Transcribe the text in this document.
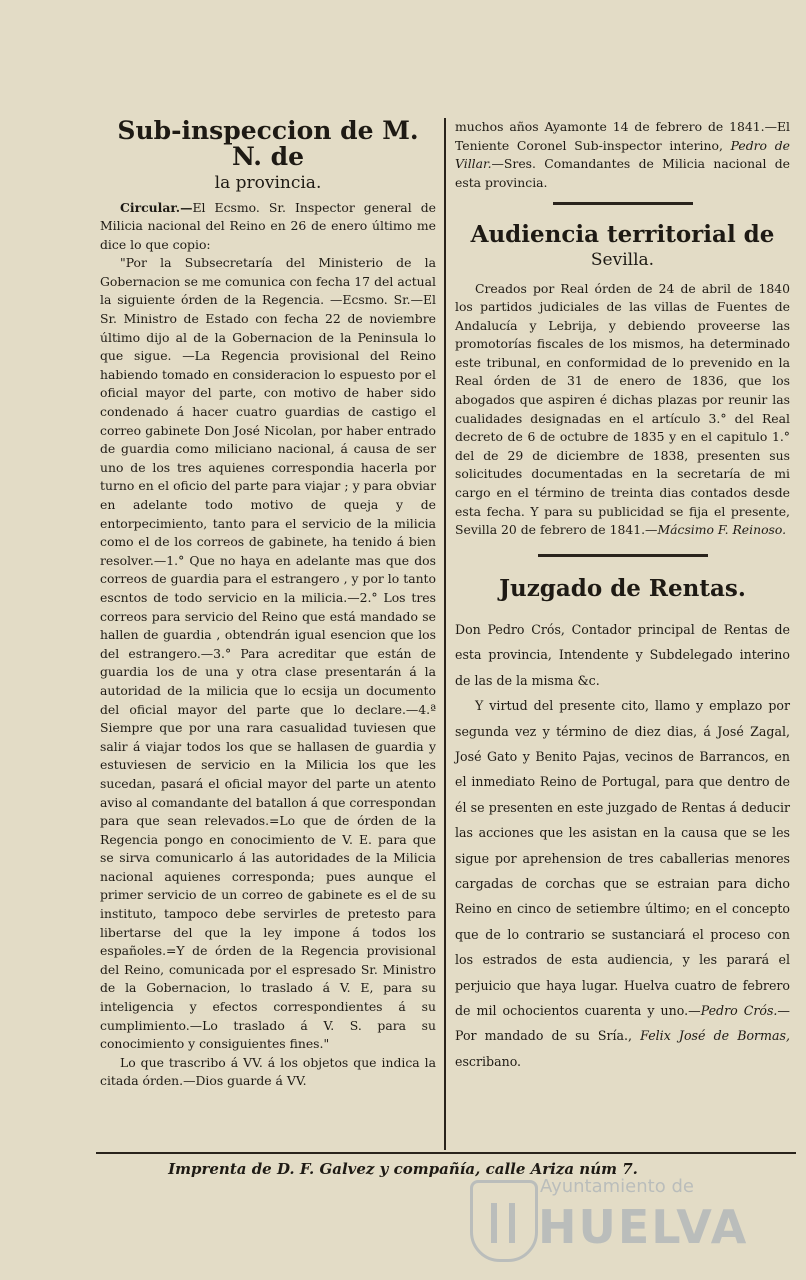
Sub-inspeccion de M. N. de
la provincia.

Circular.—El Ecsmo. Sr. Inspector general de Milicia nacional del Reino en 26 de enero último me dice lo que copio:

"Por la Subsecretaría del Ministerio de la Gobernacion se me comunica con fecha 17 del actual la siguiente órden de la Regencia. —Ecsmo. Sr.—El Sr. Ministro de Estado con fecha 22 de noviembre último dijo al de la Gobernacion de la Peninsula lo que sigue. —La Regencia provisional del Reino habiendo tomado en consideracion lo espuesto por el oficial mayor del parte, con motivo de haber sido condenado á hacer cuatro guardias de castigo el correo gabinete Don José Nicolan, por haber entrado de guardia como miliciano nacional, á causa de ser uno de los tres aquienes correspondia hacerla por turno en el oficio del parte para viajar ; y para obviar en adelante todo motivo de queja y de entorpecimiento, tanto para el servicio de la milicia como el de los correos de gabinete, ha tenido á bien resolver.—1.° Que no haya en adelante mas que dos correos de guardia para el estrangero , y por lo tanto escntos de todo servicio en la milicia.—2.° Los tres correos para servicio del Reino que está mandado se hallen de guardia , obtendrán igual esencion que los del estrangero.—3.° Para acreditar que están de guardia los de una y otra clase presentarán á la autoridad de la milicia que lo ecsija un documento del oficial mayor del parte que lo declare.—4.ª Siempre que por una rara casualidad tuviesen que salir á viajar todos los que se hallasen de guardia y estuviesen de servicio en la Milicia los que les sucedan, pasará el oficial mayor del parte un atento aviso al comandante del batallon á que correspondan para que sean relevados.=Lo que de órden de la Regencia pongo en conocimiento de V. E. para que se sirva comunicarlo á las autoridades de la Milicia nacional aquienes corresponda; pues aunque el primer servicio de un correo de gabinete es el de su instituto, tampoco debe servirles de pretesto para libertarse del que la ley impone á todos los españoles.=Y de órden de la Regencia provisional del Reino, comunicada por el espresado Sr. Ministro de la Gobernacion, lo traslado á V. E, para su inteligencia y efectos correspondientes á su cumplimiento.—Lo traslado á V. S. para su conocimiento y consiguientes fines."

Lo que trascribo á VV. á los objetos que indica la citada órden.—Dios guarde á VV.

muchos años Ayamonte 14 de febrero de 1841.—El Teniente Coronel Sub-inspector interino, Pedro de Villar.—Sres. Comandantes de Milicia nacional de esta provincia.

Audiencia territorial de
Sevilla.

Creados por Real órden de 24 de abril de 1840 los partidos judiciales de las villas de Fuentes de Andalucía y Lebrija, y debiendo proveerse las promotorías fiscales de los mismos, ha determinado este tribunal, en conformidad de lo prevenido en la Real órden de 31 de enero de 1836, que los abogados que aspiren é dichas plazas por reunir las cualidades designadas en el artículo 3.° del Real decreto de 6 de octubre de 1835 y en el capitulo 1.° del de 29 de diciembre de 1838, presenten sus solicitudes documentadas en la secretaría de mi cargo en el término de treinta dias contados desde esta fecha. Y para su publicidad se fija el presente, Sevilla 20 de febrero de 1841.—Mácsimo F. Reinoso.

Juzgado de Rentas.

Don Pedro Crós, Contador principal de Rentas de esta provincia, Intendente y Subdelegado interino de las de la misma &c.

Y virtud del presente cito, llamo y emplazo por segunda vez y término de diez dias, á José Zagal, José Gato y Benito Pajas, vecinos de Barrancos, en el inmediato Reino de Portugal, para que dentro de él se presenten en este juzgado de Rentas á deducir las acciones que les asistan en la causa que se les sigue por aprehension de tres caballerias menores cargadas de corchas que se estraian para dicho Reino en cinco de setiembre último; en el concepto que de lo contrario se sustanciará el proceso con los estrados de esta audiencia, y les parará el perjuicio que haya lugar. Huelva cuatro de febrero de mil ochocientos cuarenta y uno.—Pedro Crós.— Por mandado de su Sría., Felix José de Bormas, escribano.

Imprenta de D. F. Galvez y compañía, calle Ariza núm 7.
Ayuntamiento de
HUELVA
